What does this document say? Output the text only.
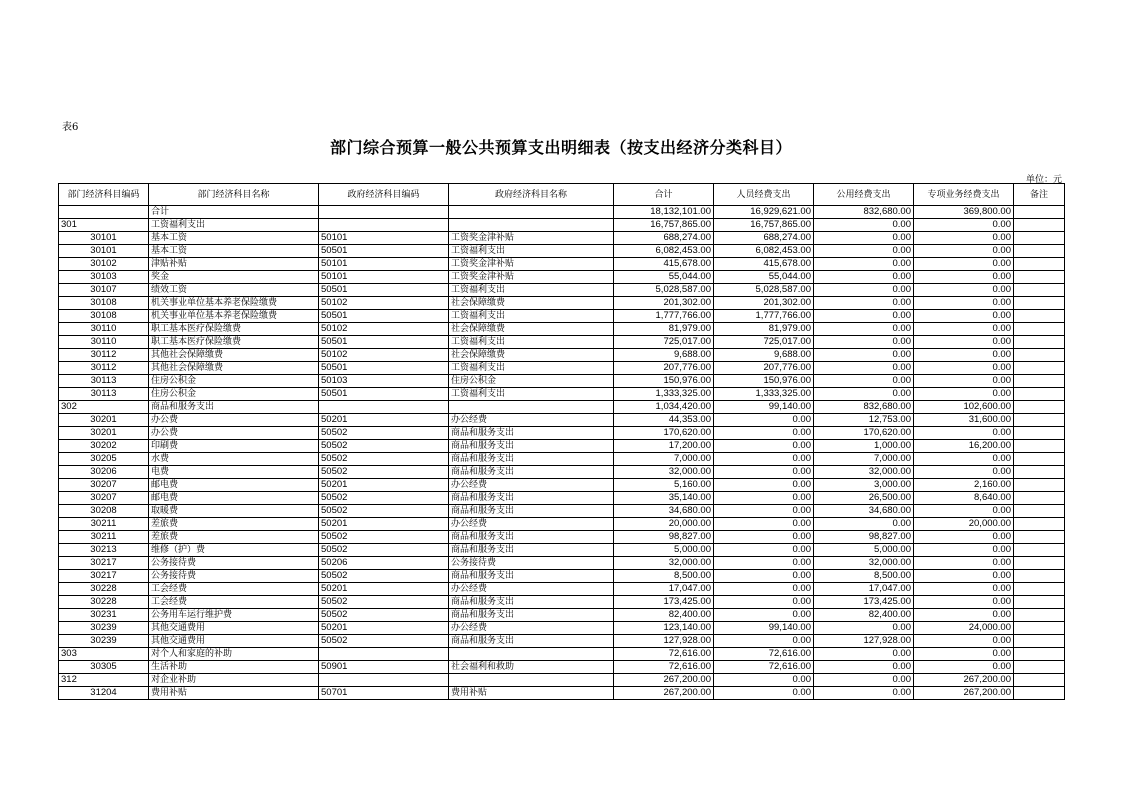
表6
部门综合预算一般公共预算支出明细表（按支出经济分类科目）
单位：元
部门经济科目编码	部门经济科目名称	政府经济科目编码	政府经济科目名称	合计	人员经费支出	公用经费支出	专项业务经费支出	备注
	合计			18,132,101.00	16,929,621.00	832,680.00	369,800.00	
301	工资福利支出			16,757,865.00	16,757,865.00	0.00	0.00	
30101	基本工资	50101	工资奖金津补贴	688,274.00	688,274.00	0.00	0.00	
30101	基本工资	50501	工资福利支出	6,082,453.00	6,082,453.00	0.00	0.00	
30102	津贴补贴	50101	工资奖金津补贴	415,678.00	415,678.00	0.00	0.00	
30103	奖金	50101	工资奖金津补贴	55,044.00	55,044.00	0.00	0.00	
30107	绩效工资	50501	工资福利支出	5,028,587.00	5,028,587.00	0.00	0.00	
30108	机关事业单位基本养老保险缴费	50102	社会保障缴费	201,302.00	201,302.00	0.00	0.00	
30108	机关事业单位基本养老保险缴费	50501	工资福利支出	1,777,766.00	1,777,766.00	0.00	0.00	
30110	职工基本医疗保险缴费	50102	社会保障缴费	81,979.00	81,979.00	0.00	0.00	
30110	职工基本医疗保险缴费	50501	工资福利支出	725,017.00	725,017.00	0.00	0.00	
30112	其他社会保障缴费	50102	社会保障缴费	9,688.00	9,688.00	0.00	0.00	
30112	其他社会保障缴费	50501	工资福利支出	207,776.00	207,776.00	0.00	0.00	
30113	住房公积金	50103	住房公积金	150,976.00	150,976.00	0.00	0.00	
30113	住房公积金	50501	工资福利支出	1,333,325.00	1,333,325.00	0.00	0.00	
302	商品和服务支出			1,034,420.00	99,140.00	832,680.00	102,600.00	
30201	办公费	50201	办公经费	44,353.00	0.00	12,753.00	31,600.00	
30201	办公费	50502	商品和服务支出	170,620.00	0.00	170,620.00	0.00	
30202	印刷费	50502	商品和服务支出	17,200.00	0.00	1,000.00	16,200.00	
30205	水费	50502	商品和服务支出	7,000.00	0.00	7,000.00	0.00	
30206	电费	50502	商品和服务支出	32,000.00	0.00	32,000.00	0.00	
30207	邮电费	50201	办公经费	5,160.00	0.00	3,000.00	2,160.00	
30207	邮电费	50502	商品和服务支出	35,140.00	0.00	26,500.00	8,640.00	
30208	取暖费	50502	商品和服务支出	34,680.00	0.00	34,680.00	0.00	
30211	差旅费	50201	办公经费	20,000.00	0.00	0.00	20,000.00	
30211	差旅费	50502	商品和服务支出	98,827.00	0.00	98,827.00	0.00	
30213	维修（护）费	50502	商品和服务支出	5,000.00	0.00	5,000.00	0.00	
30217	公务接待费	50206	公务接待费	32,000.00	0.00	32,000.00	0.00	
30217	公务接待费	50502	商品和服务支出	8,500.00	0.00	8,500.00	0.00	
30228	工会经费	50201	办公经费	17,047.00	0.00	17,047.00	0.00	
30228	工会经费	50502	商品和服务支出	173,425.00	0.00	173,425.00	0.00	
30231	公务用车运行维护费	50502	商品和服务支出	82,400.00	0.00	82,400.00	0.00	
30239	其他交通费用	50201	办公经费	123,140.00	99,140.00	0.00	24,000.00	
30239	其他交通费用	50502	商品和服务支出	127,928.00	0.00	127,928.00	0.00	
303	对个人和家庭的补助			72,616.00	72,616.00	0.00	0.00	
30305	生活补助	50901	社会福利和救助	72,616.00	72,616.00	0.00	0.00	
312	对企业补助			267,200.00	0.00	0.00	267,200.00	
31204	费用补贴	50701	费用补贴	267,200.00	0.00	0.00	267,200.00	
